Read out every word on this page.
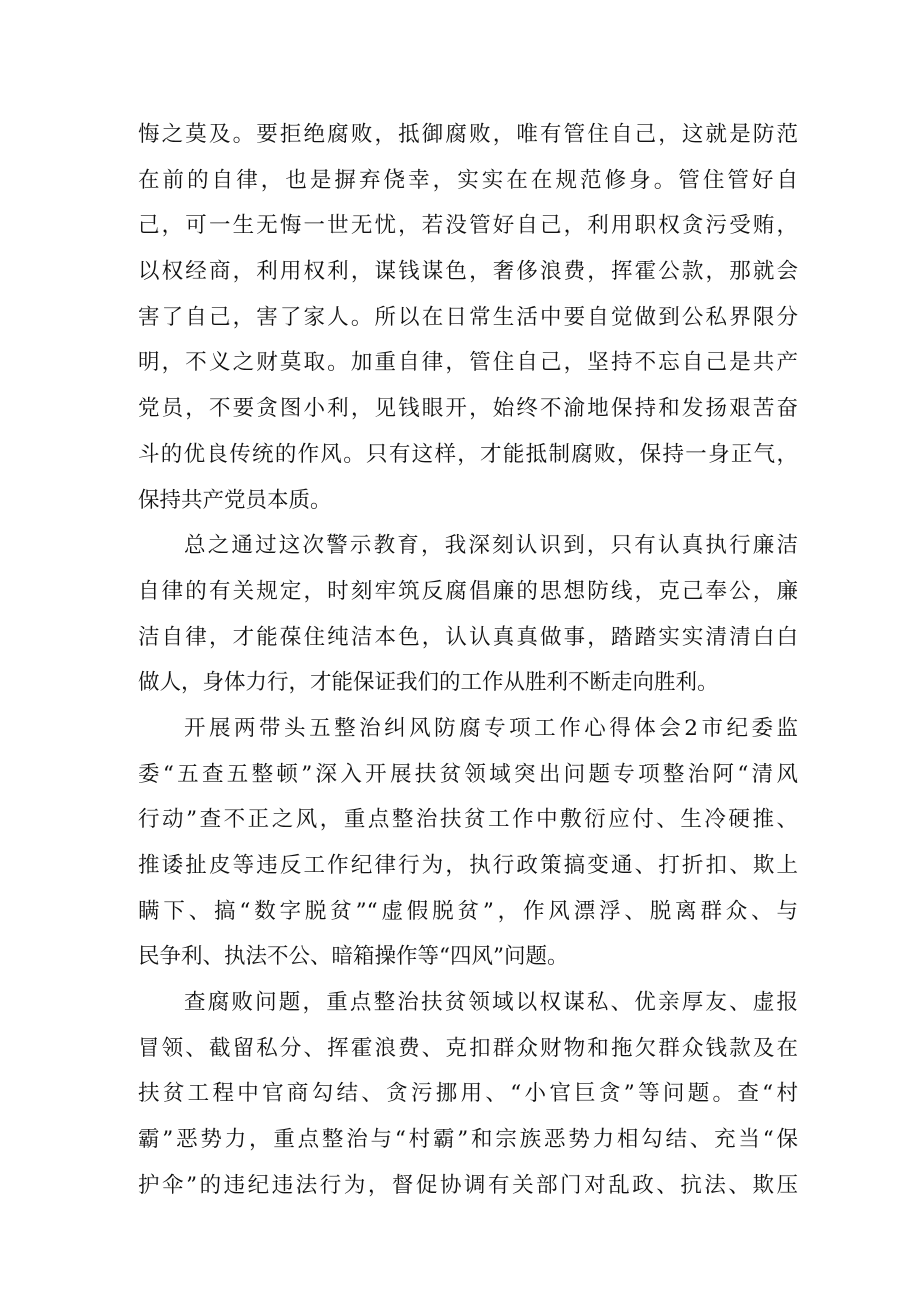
悔之莫及。要拒绝腐败，抵御腐败，唯有管住自己，这就是防范
在前的自律，也是摒弃侥幸，实实在在规范修身。管住管好自
己，可一生无悔一世无忧，若没管好自己，利用职权贪污受贿，
以权经商，利用权利，谋钱谋色，奢侈浪费，挥霍公款，那就会
害了自己，害了家人。所以在日常生活中要自觉做到公私界限分
明，不义之财莫取。加重自律，管住自己，坚持不忘自己是共产
党员，不要贪图小利，见钱眼开，始终不渝地保持和发扬艰苦奋
斗的优良传统的作风。只有这样，才能抵制腐败，保持一身正气，
保持共产党员本质。
总之通过这次警示教育，我深刻认识到，只有认真执行廉洁
自律的有关规定，时刻牢筑反腐倡廉的思想防线，克己奉公，廉
洁自律，才能葆住纯洁本色，认认真真做事，踏踏实实清清白白
做人，身体力行，才能保证我们的工作从胜利不断走向胜利。
开展两带头五整治纠风防腐专项工作心得体会2市纪委监
委“五查五整顿”深入开展扶贫领域突出问题专项整治阿“清风
行动”查不正之风，重点整治扶贫工作中敷衍应付、生冷硬推、
推诿扯皮等违反工作纪律行为，执行政策搞变通、打折扣、欺上
瞒下、搞“数字脱贫”“虚假脱贫”，作风漂浮、脱离群众、与
民争利、执法不公、暗箱操作等“四风”问题。
查腐败问题，重点整治扶贫领域以权谋私、优亲厚友、虚报
冒领、截留私分、挥霍浪费、克扣群众财物和拖欠群众钱款及在
扶贫工程中官商勾结、贪污挪用、“小官巨贪”等问题。查“村
霸”恶势力，重点整治与“村霸”和宗族恶势力相勾结、充当“保
护伞”的违纪违法行为，督促协调有关部门对乱政、抗法、欺压
